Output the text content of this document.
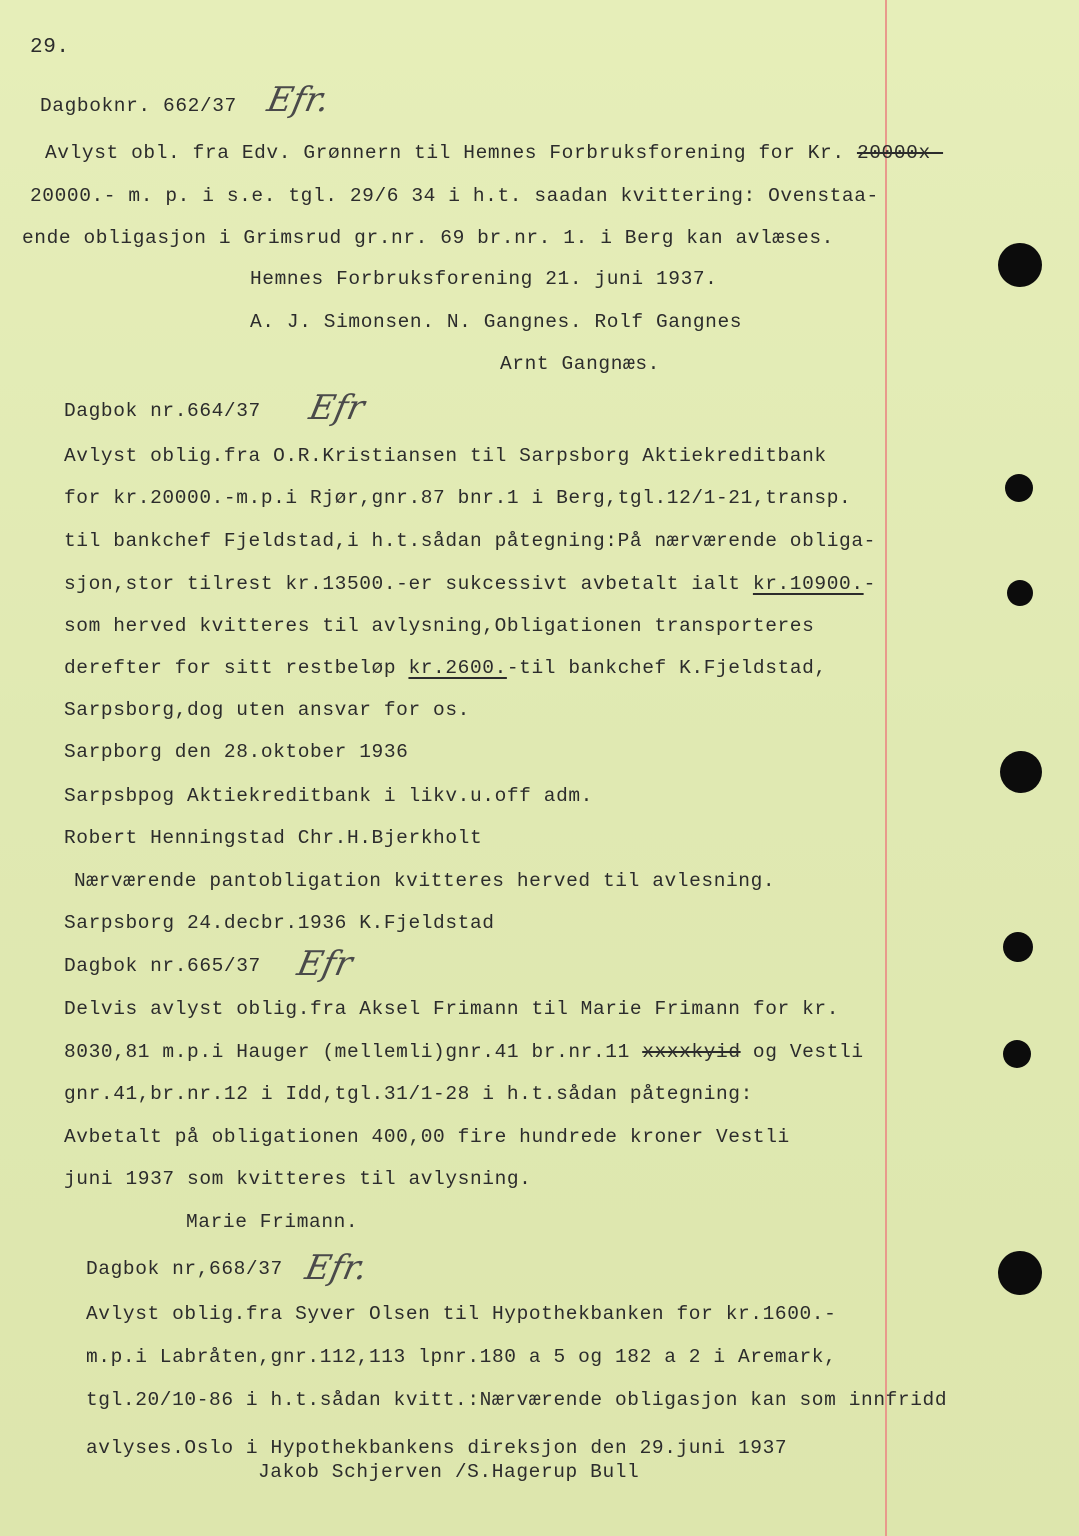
29.
Dagboknr. 662/37 Efr.
Avlyst obl. fra Edv. Grønnern til Hemnes Forbruksforening for Kr. 20000x-
20000.- m. p. i s.e. tgl. 29/6 34 i h.t. saadan kvittering: Ovenstaa-
ende obligasjon i Grimsrud gr.nr. 69 br.nr. 1. i Berg kan avlæses.
Hemnes Forbruksforening 21. juni 1937.
A. J. Simonsen. N. Gangnes. Rolf Gangnes
Arnt Gangnæs.
Dagbok nr.664/37 Efr
Avlyst oblig.fra O.R.Kristiansen til Sarpsborg Aktiekreditbank
for kr.20000.-m.p.i Rjør,gnr.87 bnr.1 i Berg,tgl.12/1-21,transp.
til bankchef Fjeldstad,i h.t.sådan påtegning:På nærværende obliga-
sjon,stor tilrest kr.13500.-er sukcessivt avbetalt ialt kr.10900.-
som herved kvitteres til avlysning,Obligationen transporteres
derefter for sitt restbeløp kr.2600.-til bankchef K.Fjeldstad,
Sarpsborg,dog uten ansvar for os.
Sarpborg den 28.oktober 1936
Sarpsbpog Aktiekreditbank i likv.u.off adm.
Robert Henningstad Chr.H.Bjerkholt
Nærværende pantobligation kvitteres herved til avlesning.
Sarpsborg 24.decbr.1936 K.Fjeldstad
Dagbok nr.665/37 Efr
Delvis avlyst oblig.fra Aksel Frimann til Marie Frimann for kr.
8030,81 m.p.i Hauger (mellemli)gnr.41 br.nr.11 xxxxkyid og Vestli
gnr.41,br.nr.12 i Idd,tgl.31/1-28 i h.t.sådan påtegning:
Avbetalt på obligationen 400,00 fire hundrede kroner Vestli
juni 1937 som kvitteres til avlysning.
Marie Frimann.
Dagbok nr,668/37 Efr.
Avlyst oblig.fra Syver Olsen til Hypothekbanken for kr.1600.-
m.p.i Labråten,gnr.112,113 lpnr.180 a 5 og 182 a 2 i Aremark,
tgl.20/10-86 i h.t.sådan kvitt.:Nærværende obligasjon kan som innfridd
avlyses.Oslo i Hypothekbankens direksjon den 29.juni 1937
Jakob Schjerven /S.Hagerup Bull
